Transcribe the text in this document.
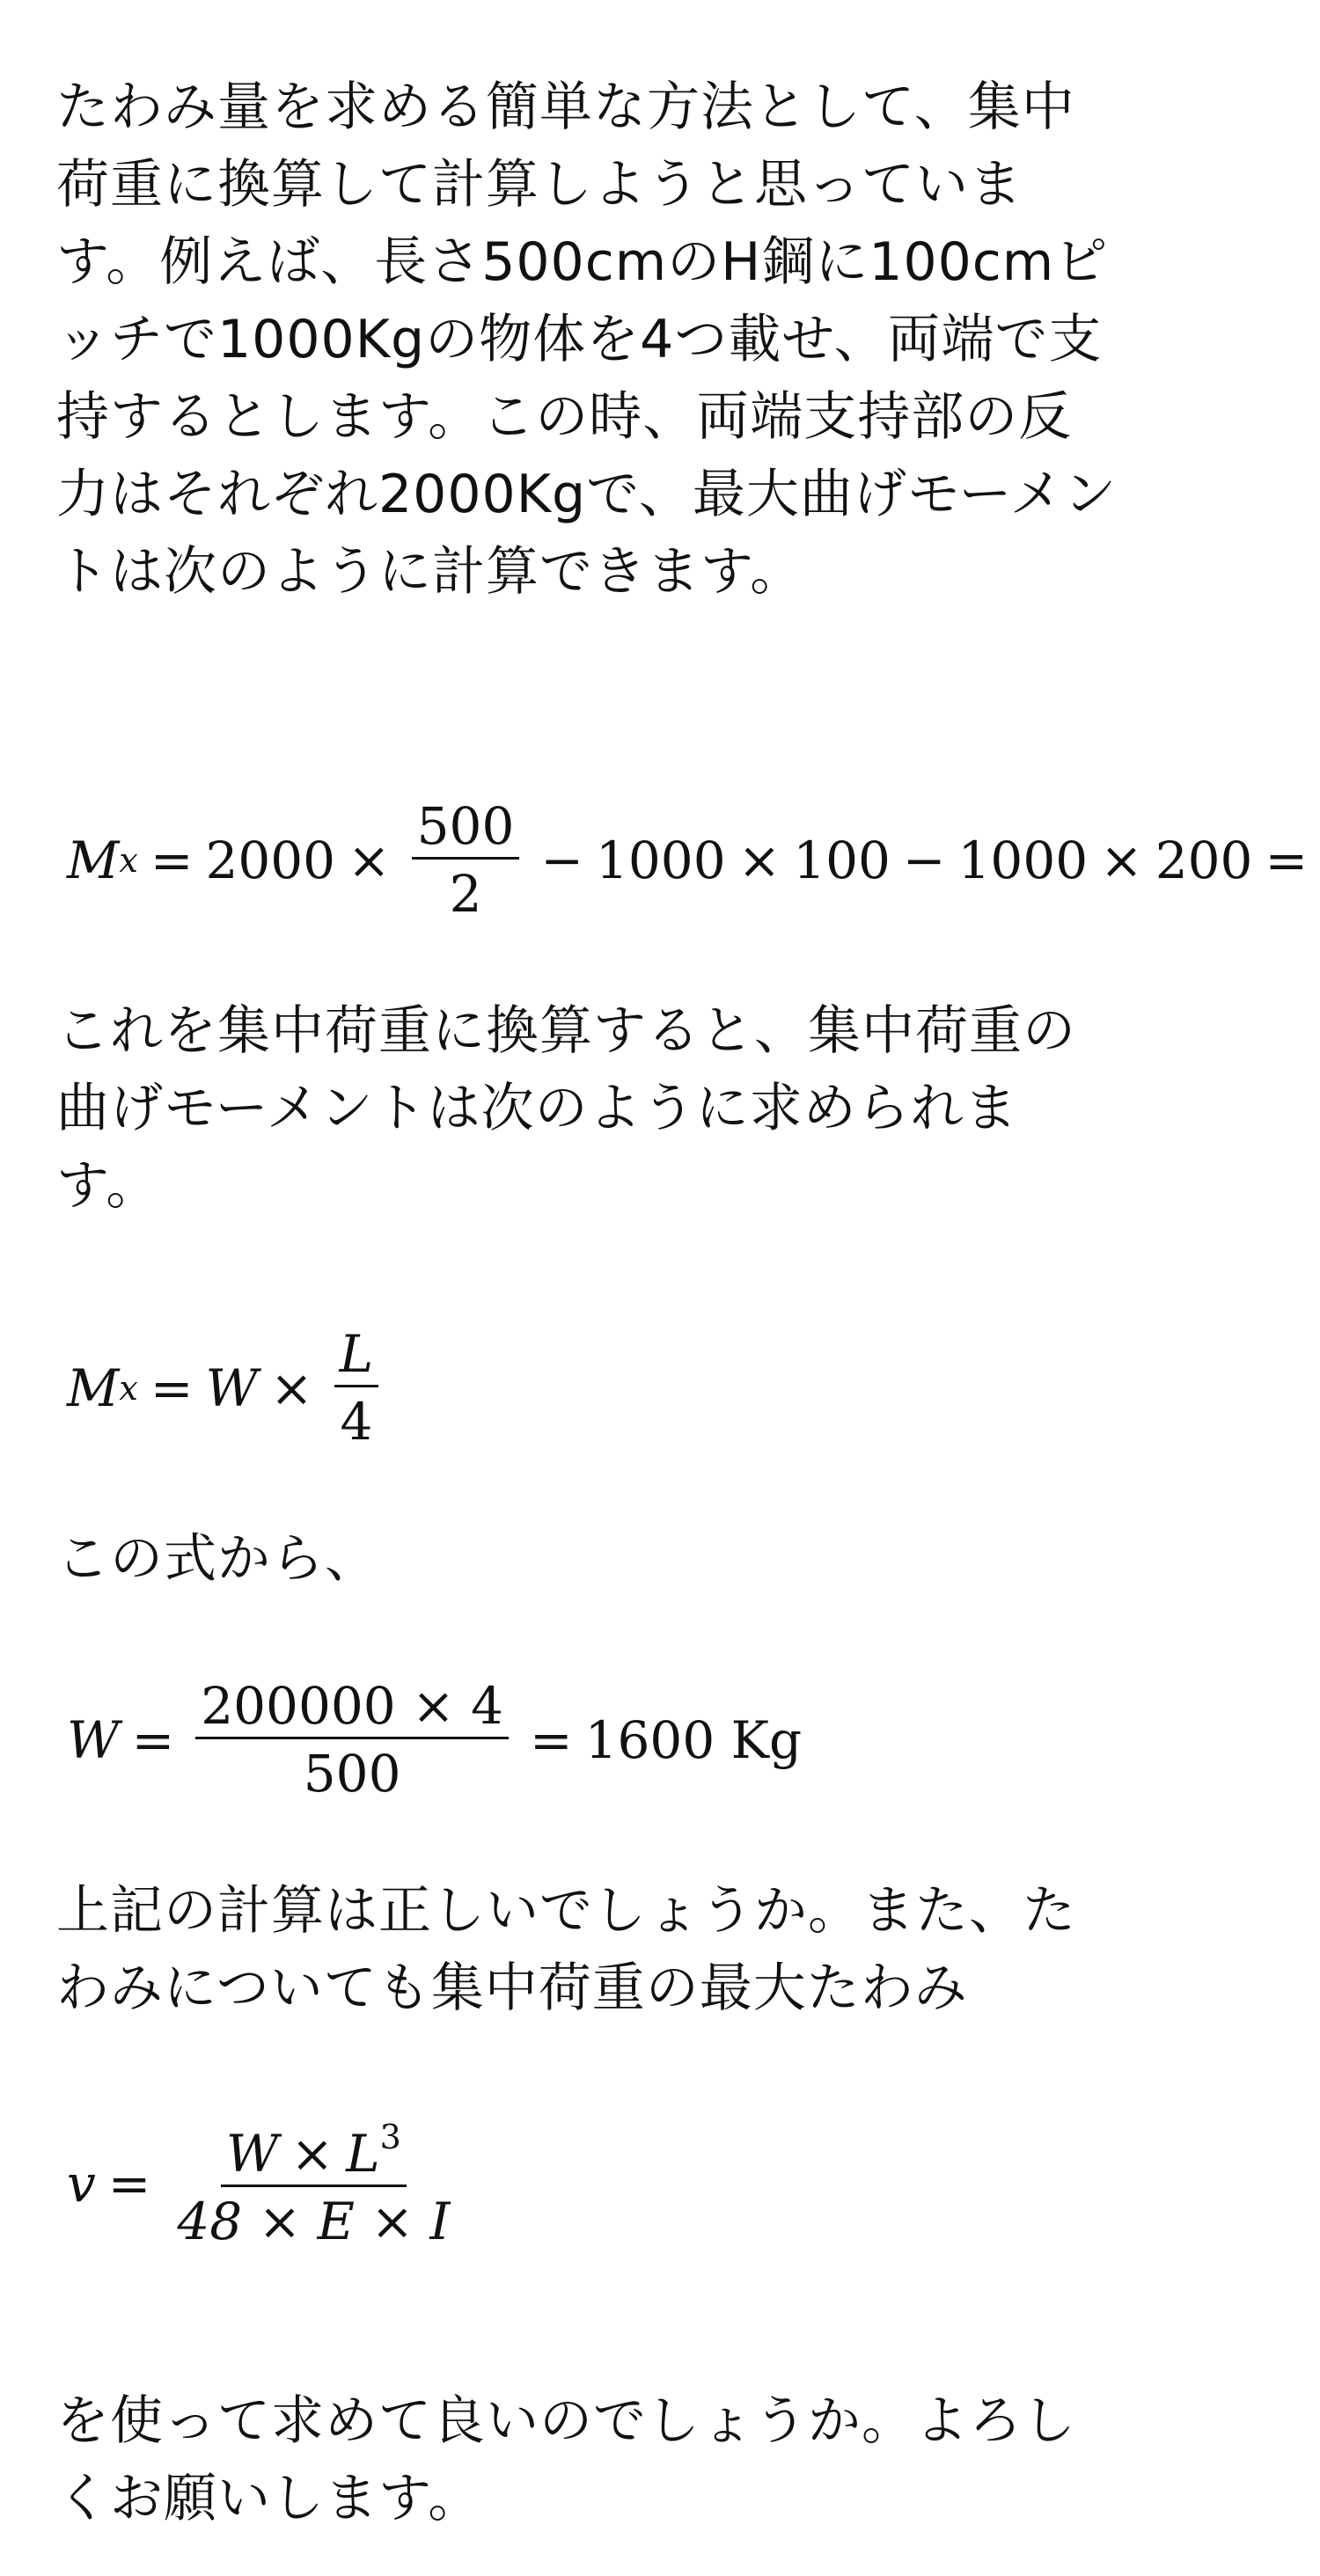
たわみ量を求める簡単な方法として、集中
荷重に換算して計算しようと思っていま
す。例えば、長さ500cmのH鋼に100cmピ
ッチで1000Kgの物体を4つ載せ、両端で支
持するとします。この時、両端支持部の反
力はそれぞれ2000Kgで、最大曲げモーメン
トは次のように計算できます。
M $x = 2000 \times \frac{500}{2} - 1000 \times 100 - 1000 \times 200$ =
これを集中荷重に換算すると、集中荷重の
曲げモーメントは次のように求められま
す。
M $x = W \times \frac{L}{4}$
この式から、
$W = \frac{200000 \times 4}{500} = 1600$ Kg
上記の計算は正しいでしょうか。また、た
わみについても集中荷重の最大たわみ
$v = \frac{W \times L^3}{48 \times E \times I}$
を使って求めて良いのでしょうか。よろし
くお願いします。
